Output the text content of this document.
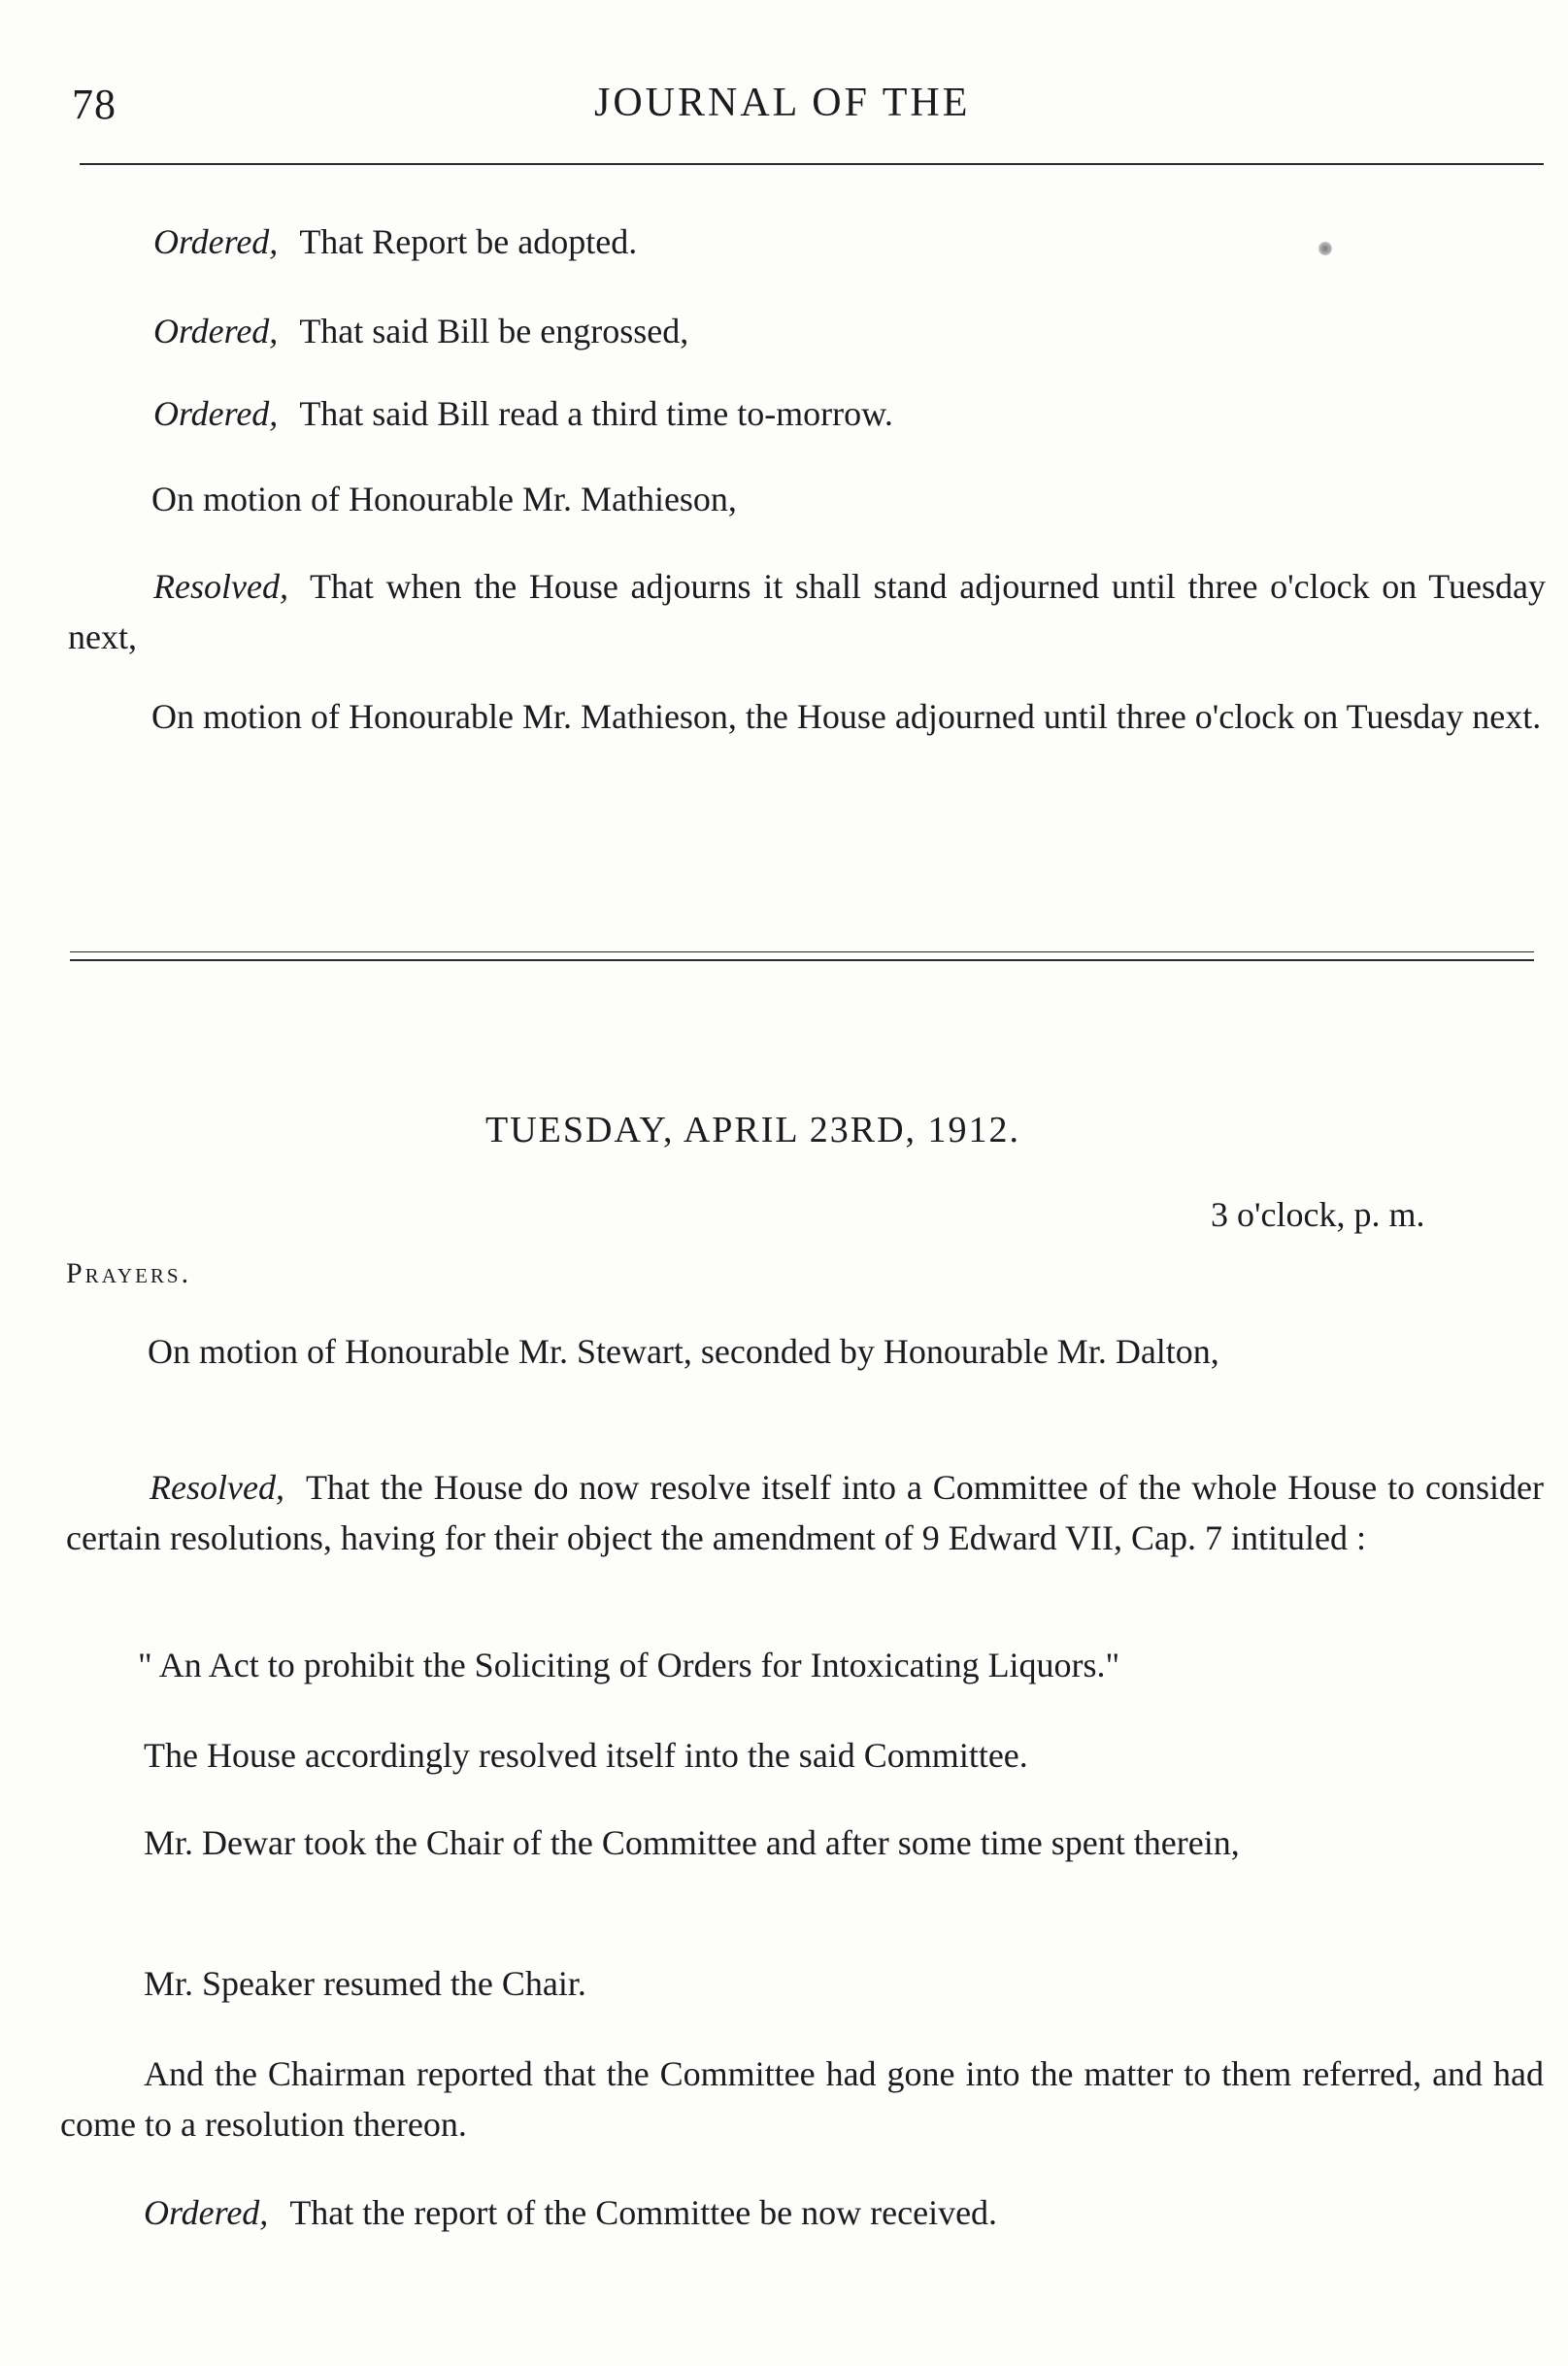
78	JOURNAL OF THE
Ordered, That Report be adopted.
Ordered, That said Bill be engrossed,
Ordered, That said Bill read a third time to-morrow.
On motion of Honourable Mr. Mathieson,
Resolved, That when the House adjourns it shall stand adjourned until three o'clock on Tuesday next,
On motion of Honourable Mr. Mathieson, the House adjourned until three o'clock on Tuesday next.
TUESDAY, APRIL 23RD, 1912.
3 o'clock, p. m.
Prayers.
On motion of Honourable Mr. Stewart, seconded by Honourable Mr. Dalton,
Resolved, That the House do now resolve itself into a Committee of the whole House to consider certain resolutions, having for their object the amendment of 9 Edward VII, Cap. 7 intituled :
" An Act to prohibit the Soliciting of Orders for Intoxicating Liquors."
The House accordingly resolved itself into the said Committee.
Mr. Dewar took the Chair of the Committee and after some time spent therein,
Mr. Speaker resumed the Chair.
And the Chairman reported that the Committee had gone into the matter to them referred, and had come to a resolution thereon.
Ordered, That the report of the Committee be now received.
